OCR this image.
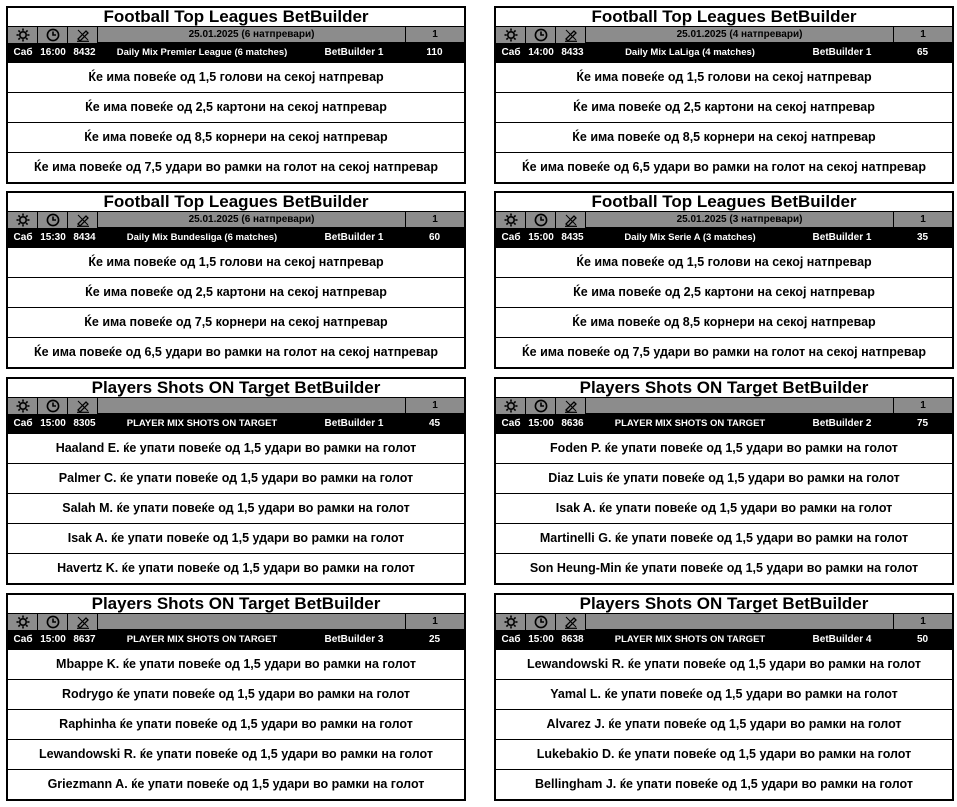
Football Top Leagues BetBuilder
25.01.2025 (6 натпревари)	1
Саб 16:00 8432	Daily Mix Premier League (6 matches)	BetBuilder 1	110
Ќе има повеќе од 1,5 голови на секој натпревар
Ќе има повеќе од 2,5 картони на секој натпревар
Ќе има повеќе од 8,5 корнери на секој натпревар
Ќе има повеќе од 7,5 удари во рамки на голот на секој натпревар
Football Top Leagues BetBuilder
25.01.2025 (4 натпревари)	1
Саб 14:00 8433	Daily Mix LaLiga (4 matches)	BetBuilder 1	65
Ќе има повеќе од 1,5 голови на секој натпревар
Ќе има повеќе од 2,5 картони на секој натпревар
Ќе има повеќе од 8,5 корнери на секој натпревар
Ќе има повеќе од 6,5 удари во рамки на голот на секој натпревар
Football Top Leagues BetBuilder
25.01.2025 (6 натпревари)	1
Саб 15:30 8434	Daily Mix Bundesliga (6 matches)	BetBuilder 1	60
Ќе има повеќе од 1,5 голови на секој натпревар
Ќе има повеќе од 2,5 картони на секој натпревар
Ќе има повеќе од 7,5 корнери на секој натпревар
Ќе има повеќе од 6,5 удари во рамки на голот на секој натпревар
Football Top Leagues BetBuilder
25.01.2025 (3 натпревари)	1
Саб 15:00 8435	Daily Mix Serie A (3 matches)	BetBuilder 1	35
Ќе има повеќе од 1,5 голови на секој натпревар
Ќе има повеќе од 2,5 картони на секој натпревар
Ќе има повеќе од 8,5 корнери на секој натпревар
Ќе има повеќе од 7,5 удари во рамки на голот на секој натпревар
Players Shots ON Target BetBuilder
1
Саб 15:00 8305	PLAYER MIX SHOTS ON TARGET	BetBuilder 1	45
Haaland E. ќе упати повеќе од 1,5 удари во рамки на голот
Palmer C. ќе упати повеќе од 1,5 удари во рамки на голот
Salah M. ќе упати повеќе од 1,5 удари во рамки на голот
Isak A. ќе упати повеќе од 1,5 удари во рамки на голот
Havertz K. ќе упати повеќе од 1,5 удари во рамки на голот
Players Shots ON Target BetBuilder
1
Саб 15:00 8636	PLAYER MIX SHOTS ON TARGET	BetBuilder 2	75
Foden P. ќе упати повеќе од 1,5 удари во рамки на голот
Diaz Luis ќе упати повеќе од 1,5 удари во рамки на голот
Isak A. ќе упати повеќе од 1,5 удари во рамки на голот
Martinelli G. ќе упати повеќе од 1,5 удари во рамки на голот
Son Heung-Min ќе упати повеќе од 1,5 удари во рамки на голот
Players Shots ON Target BetBuilder
1
Саб 15:00 8637	PLAYER MIX SHOTS ON TARGET	BetBuilder 3	25
Mbappe K. ќе упати повеќе од 1,5 удари во рамки на голот
Rodrygo ќе упати повеќе од 1,5 удари во рамки на голот
Raphinha ќе упати повеќе од 1,5 удари во рамки на голот
Lewandowski R. ќе упати повеќе од 1,5 удари во рамки на голот
Griezmann A. ќе упати повеќе од 1,5 удари во рамки на голот
Players Shots ON Target BetBuilder
1
Саб 15:00 8638	PLAYER MIX SHOTS ON TARGET	BetBuilder 4	50
Lewandowski R. ќе упати повеќе од 1,5 удари во рамки на голот
Yamal L. ќе упати повеќе од 1,5 удари во рамки на голот
Alvarez J. ќе упати повеќе од 1,5 удари во рамки на голот
Lukebakio D. ќе упати повеќе од 1,5 удари во рамки на голот
Bellingham J. ќе упати повеќе од 1,5 удари во рамки на голот
